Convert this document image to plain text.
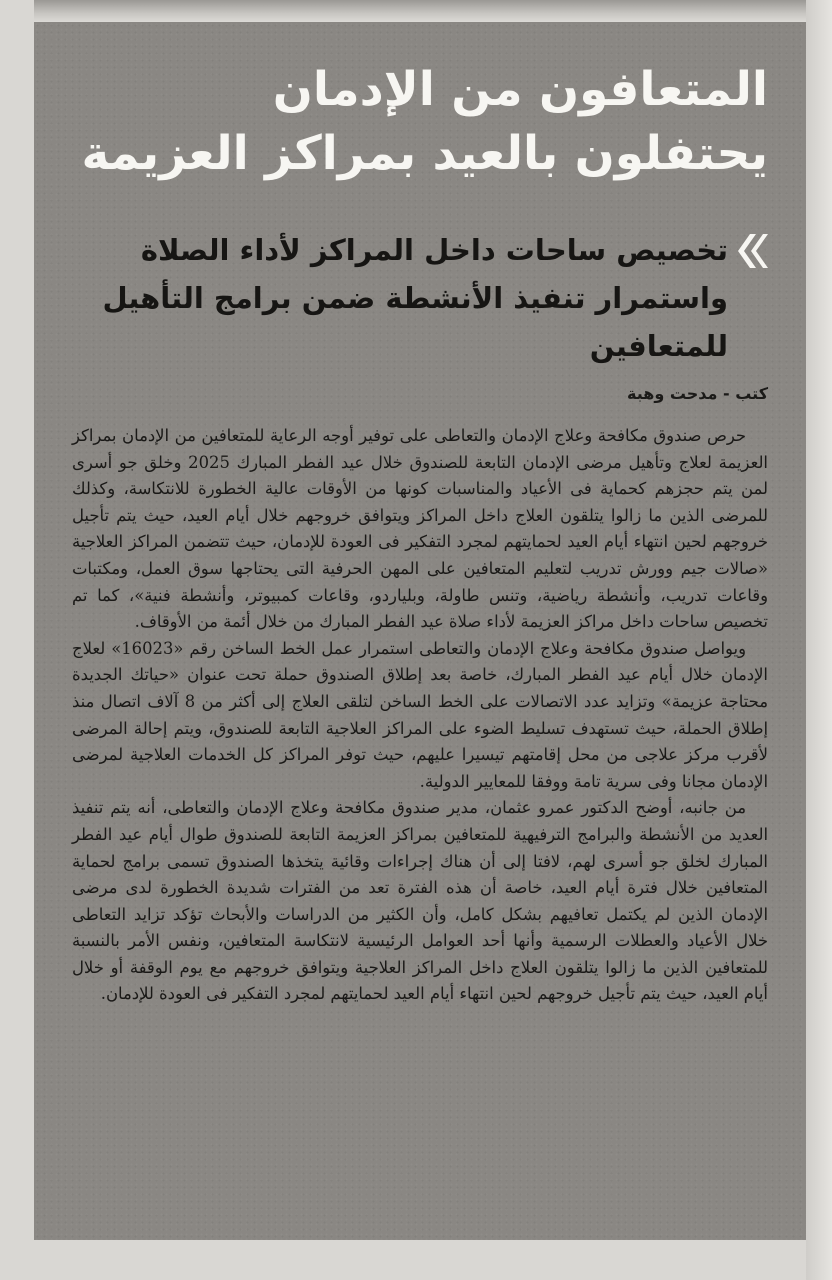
المتعافون من الإدمان يحتفلون بالعيد بمراكز العزيمة
تخصيص ساحات داخل المراكز لأداء الصلاة واستمرار تنفيذ الأنشطة ضمن برامج التأهيل للمتعافين
كتب - مدحت وهبة

حرص صندوق مكافحة وعلاج الإدمان والتعاطى على توفير أوجه الرعاية للمتعافين من الإدمان بمراكز العزيمة لعلاج وتأهيل مرضى الإدمان التابعة للصندوق خلال عيد الفطر المبارك 2025 وخلق جو أسرى لمن يتم حجزهم كحماية فى الأعياد والمناسبات كونها من الأوقات عالية الخطورة للانتكاسة، وكذلك للمرضى الذين ما زالوا يتلقون العلاج داخل المراكز ويتوافق خروجهم خلال أيام العيد، حيث يتم تأجيل خروجهم لحين انتهاء أيام العيد لحمايتهم لمجرد التفكير فى العودة للإدمان، حيث تتضمن المراكز العلاجية «صالات جيم وورش تدريب لتعليم المتعافين على المهن الحرفية التى يحتاجها سوق العمل، ومكتبات وقاعات تدريب، وأنشطة رياضية، وتنس طاولة، وبلياردو، وقاعات كمبيوتر، وأنشطة فنية»، كما تم تخصيص ساحات داخل مراكز العزيمة لأداء صلاة عيد الفطر المبارك من خلال أئمة من الأوقاف.

ويواصل صندوق مكافحة وعلاج الإدمان والتعاطى استمرار عمل الخط الساخن رقم «16023» لعلاج الإدمان خلال أيام عيد الفطر المبارك، خاصة بعد إطلاق الصندوق حملة تحت عنوان «حياتك الجديدة محتاجة عزيمة» وتزايد عدد الاتصالات على الخط الساخن لتلقى العلاج إلى أكثر من 8 آلاف اتصال منذ إطلاق الحملة، حيث تستهدف تسليط الضوء على المراكز العلاجية التابعة للصندوق، ويتم إحالة المرضى لأقرب مركز علاجى من محل إقامتهم تيسيرا عليهم، حيث توفر المراكز كل الخدمات العلاجية لمرضى الإدمان مجانا وفى سرية تامة ووفقا للمعايير الدولية.

من جانبه، أوضح الدكتور عمرو عثمان، مدير صندوق مكافحة وعلاج الإدمان والتعاطى، أنه يتم تنفيذ العديد من الأنشطة والبرامج الترفيهية للمتعافين بمراكز العزيمة التابعة للصندوق طوال أيام عيد الفطر المبارك لخلق جو أسرى لهم، لافتا إلى أن هناك إجراءات وقائية يتخذها الصندوق تسمى برامج لحماية المتعافين خلال فترة أيام العيد، خاصة أن هذه الفترة تعد من الفترات شديدة الخطورة لدى مرضى الإدمان الذين لم يكتمل تعافيهم بشكل كامل، وأن الكثير من الدراسات والأبحاث تؤكد تزايد التعاطى خلال الأعياد والعطلات الرسمية وأنها أحد العوامل الرئيسية لانتكاسة المتعافين، ونفس الأمر بالنسبة للمتعافين الذين ما زالوا يتلقون العلاج داخل المراكز العلاجية ويتوافق خروجهم مع يوم الوقفة أو خلال أيام العيد، حيث يتم تأجيل خروجهم لحين انتهاء أيام العيد لحمايتهم لمجرد التفكير فى العودة للإدمان.
